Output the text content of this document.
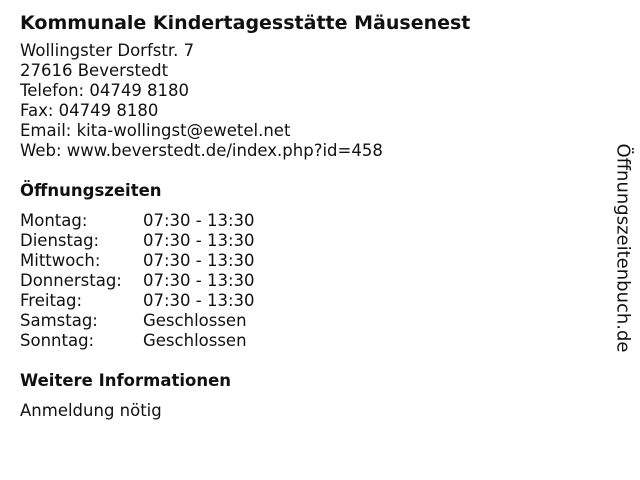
Kommunale Kindertagesstätte Mäusenest
Wollingster Dorfstr. 7
27616 Beverstedt
Telefon: 04749 8180
Fax: 04749 8180
Email: kita-wollingst@ewetel.net
Web: www.beverstedt.de/index.php?id=458
Öffnungszeiten
Montag:	07:30 - 13:30
Dienstag:	07:30 - 13:30
Mittwoch:	07:30 - 13:30
Donnerstag:	07:30 - 13:30
Freitag:	07:30 - 13:30
Samstag:	Geschlossen
Sonntag:	Geschlossen
Weitere Informationen
Anmeldung nötig
Öffnungszeitenbuch.de
